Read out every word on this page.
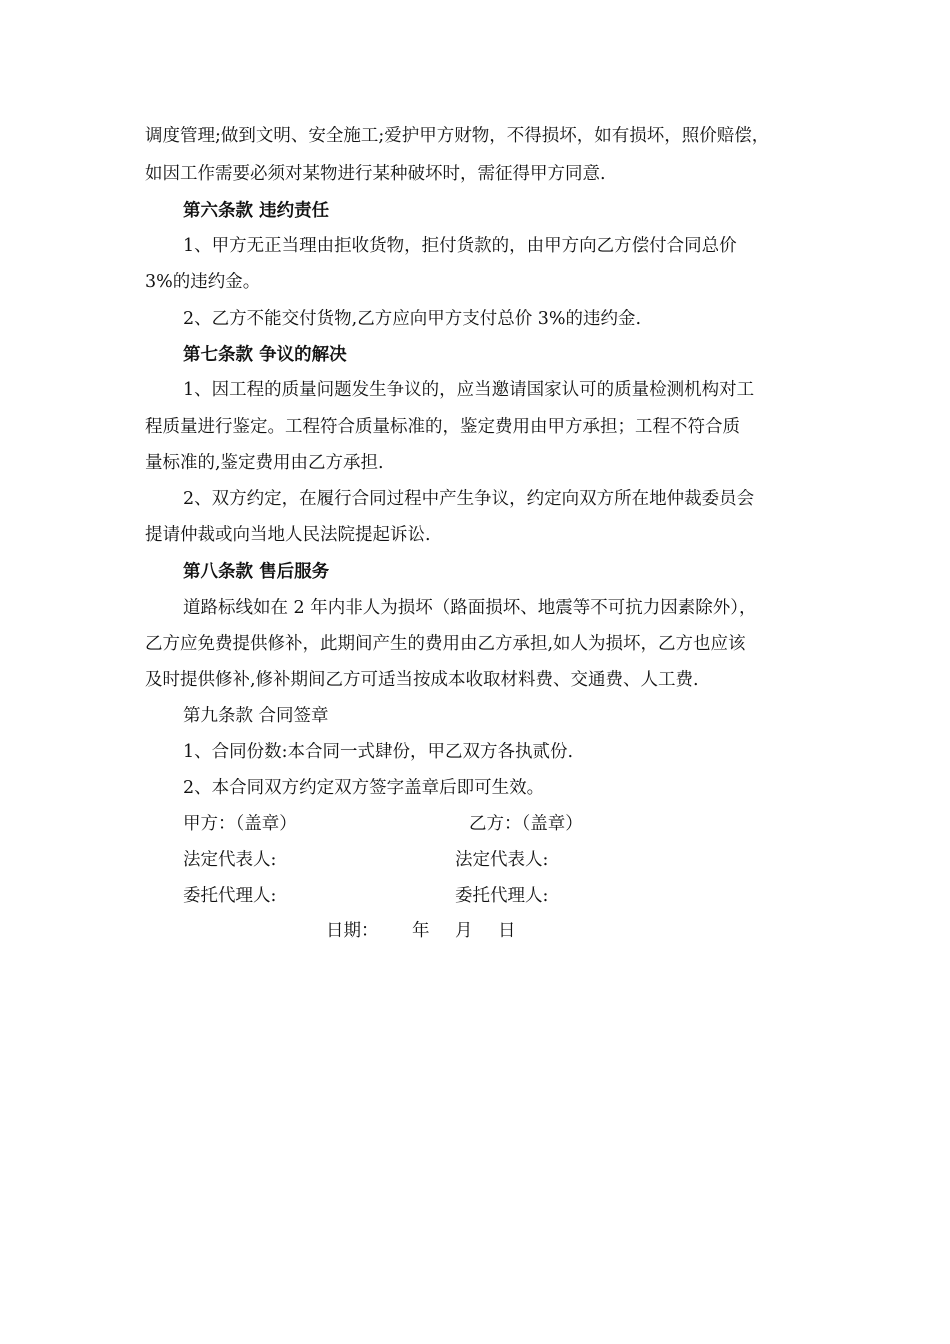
调度管理;做到文明、安全施工;爱护甲方财物，不得损坏，如有损坏，照价赔偿，
如因工作需要必须对某物进行某种破坏时，需征得甲方同意.
第六条款 违约责任
1、甲方无正当理由拒收货物，拒付货款的，由甲方向乙方偿付合同总价
3%的违约金。
2、乙方不能交付货物,乙方应向甲方支付总价 3%的违约金.
第七条款 争议的解决
1、因工程的质量问题发生争议的，应当邀请国家认可的质量检测机构对工
程质量进行鉴定。工程符合质量标准的，鉴定费用由甲方承担；工程不符合质
量标准的,鉴定费用由乙方承担.
2、双方约定，在履行合同过程中产生争议，约定向双方所在地仲裁委员会
提请仲裁或向当地人民法院提起诉讼.
第八条款 售后服务
道路标线如在 2 年内非人为损坏（路面损坏、地震等不可抗力因素除外），
乙方应免费提供修补，此期间产生的费用由乙方承担,如人为损坏，乙方也应该
及时提供修补,修补期间乙方可适当按成本收取材料费、交通费、人工费.
第九条款 合同签章
1、合同份数:本合同一式肆份，甲乙双方各执贰份.
2、本合同双方约定双方签字盖章后即可生效。
甲方：（盖章）	乙方：（盖章）
法定代表人:	法定代表人:
委托代理人:	委托代理人:
日期： 年 月 日
